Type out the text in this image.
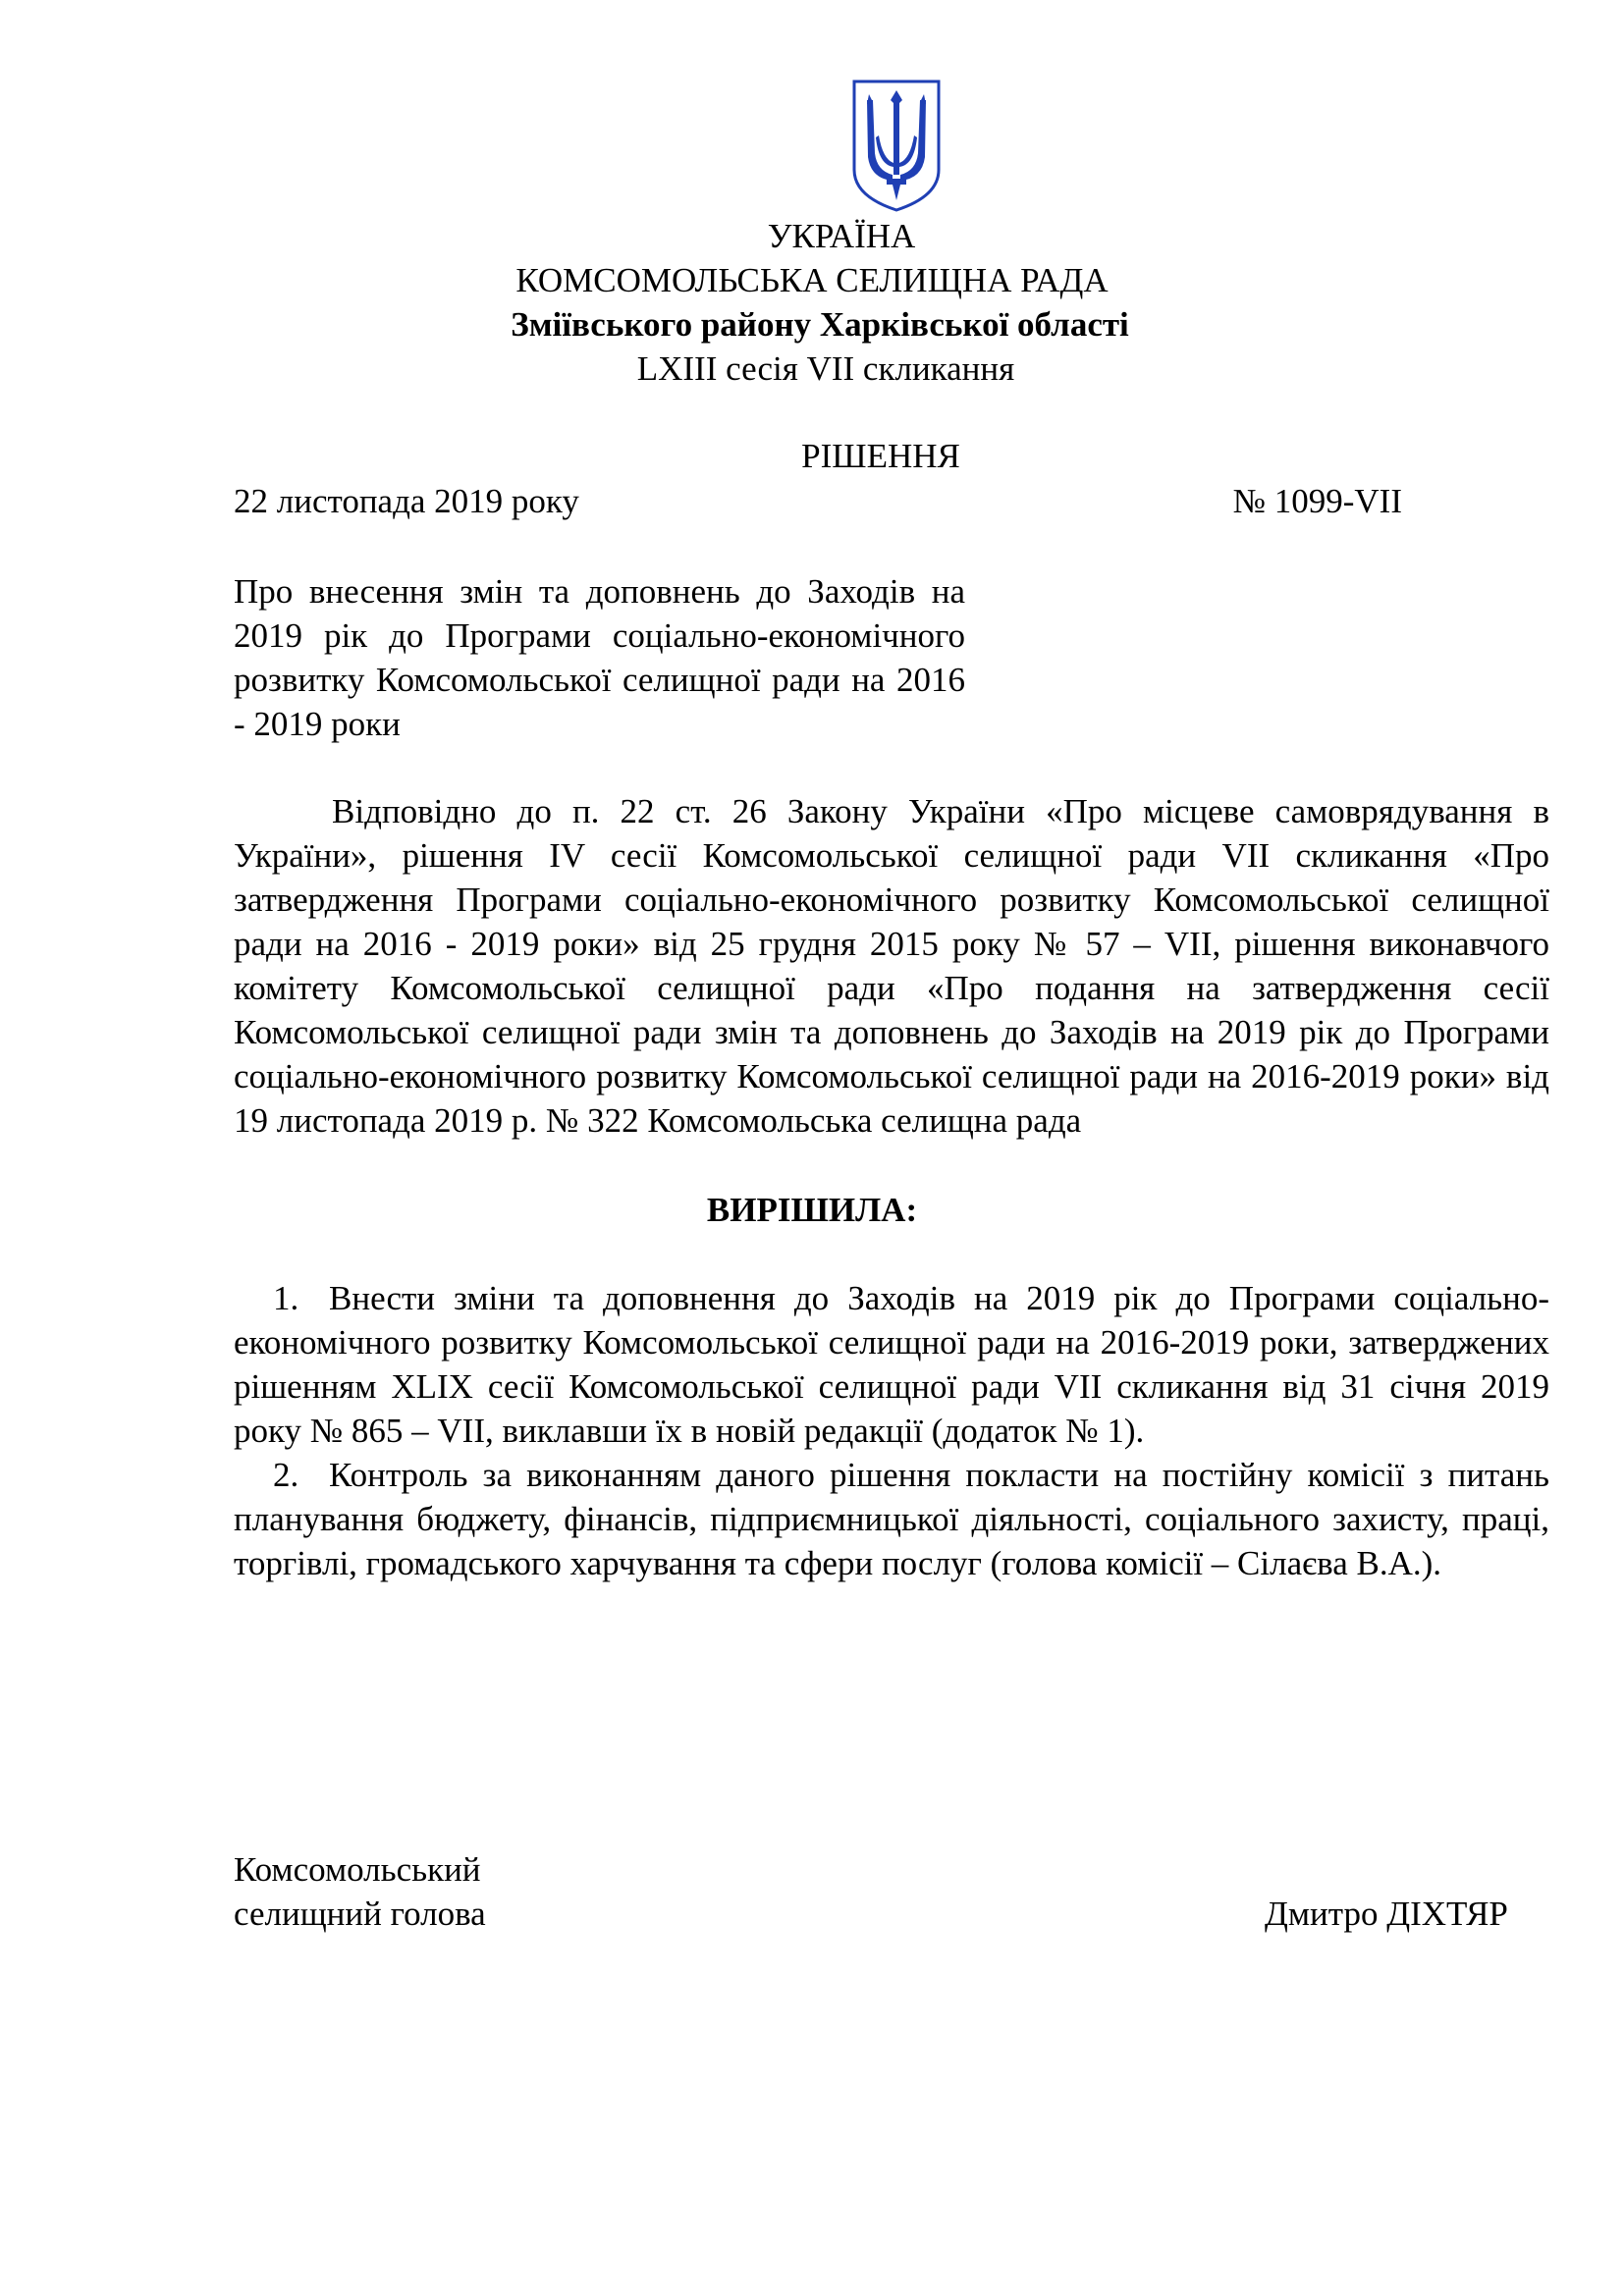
УКРАЇНА

КОМСОМОЛЬСЬКА СЕЛИЩНА РАДА

Зміївського району Харківської області

LXIII сесія VII скликання

РІШЕННЯ

22 листопада 2019 року	№ 1099-VII

Про внесення змін та доповнень до Заходів на 2019 рік до Програми соціально-економічного розвитку Комсомольської селищної ради на 2016 - 2019 роки

Відповідно до п. 22 ст. 26 Закону України «Про місцеве самоврядування в України», рішення IV сесії Комсомольської селищної ради VII скликання «Про затвердження Програми соціально-економічного розвитку Комсомольської селищної ради на 2016 - 2019 роки» від 25 грудня 2015 року № 57 – VII, рішення виконавчого комітету Комсомольської селищної ради «Про подання на затвердження сесії Комсомольської селищної ради змін та доповнень до Заходів на 2019 рік до Програми соціально-економічного розвитку Комсомольської селищної ради на 2016-2019 роки» від 19 листопада 2019 р. № 322 Комсомольська селищна рада

ВИРІШИЛА:

1. Внести зміни та доповнення до Заходів на 2019 рік до Програми соціально-економічного розвитку Комсомольської селищної ради на 2016-2019 роки, затверджених рішенням XLIX сесії Комсомольської селищної ради VII скликання від 31 січня 2019 року № 865 – VII, виклавши їх в новій редакції (додаток № 1).

2. Контроль за виконанням даного рішення покласти на постійну комісії з питань планування бюджету, фінансів, підприємницької діяльності, соціального захисту, праці, торгівлі, громадського харчування та сфери послуг (голова комісії – Сілаєва В.А.).

Комсомольський

селищний голова	Дмитро ДІХТЯР
